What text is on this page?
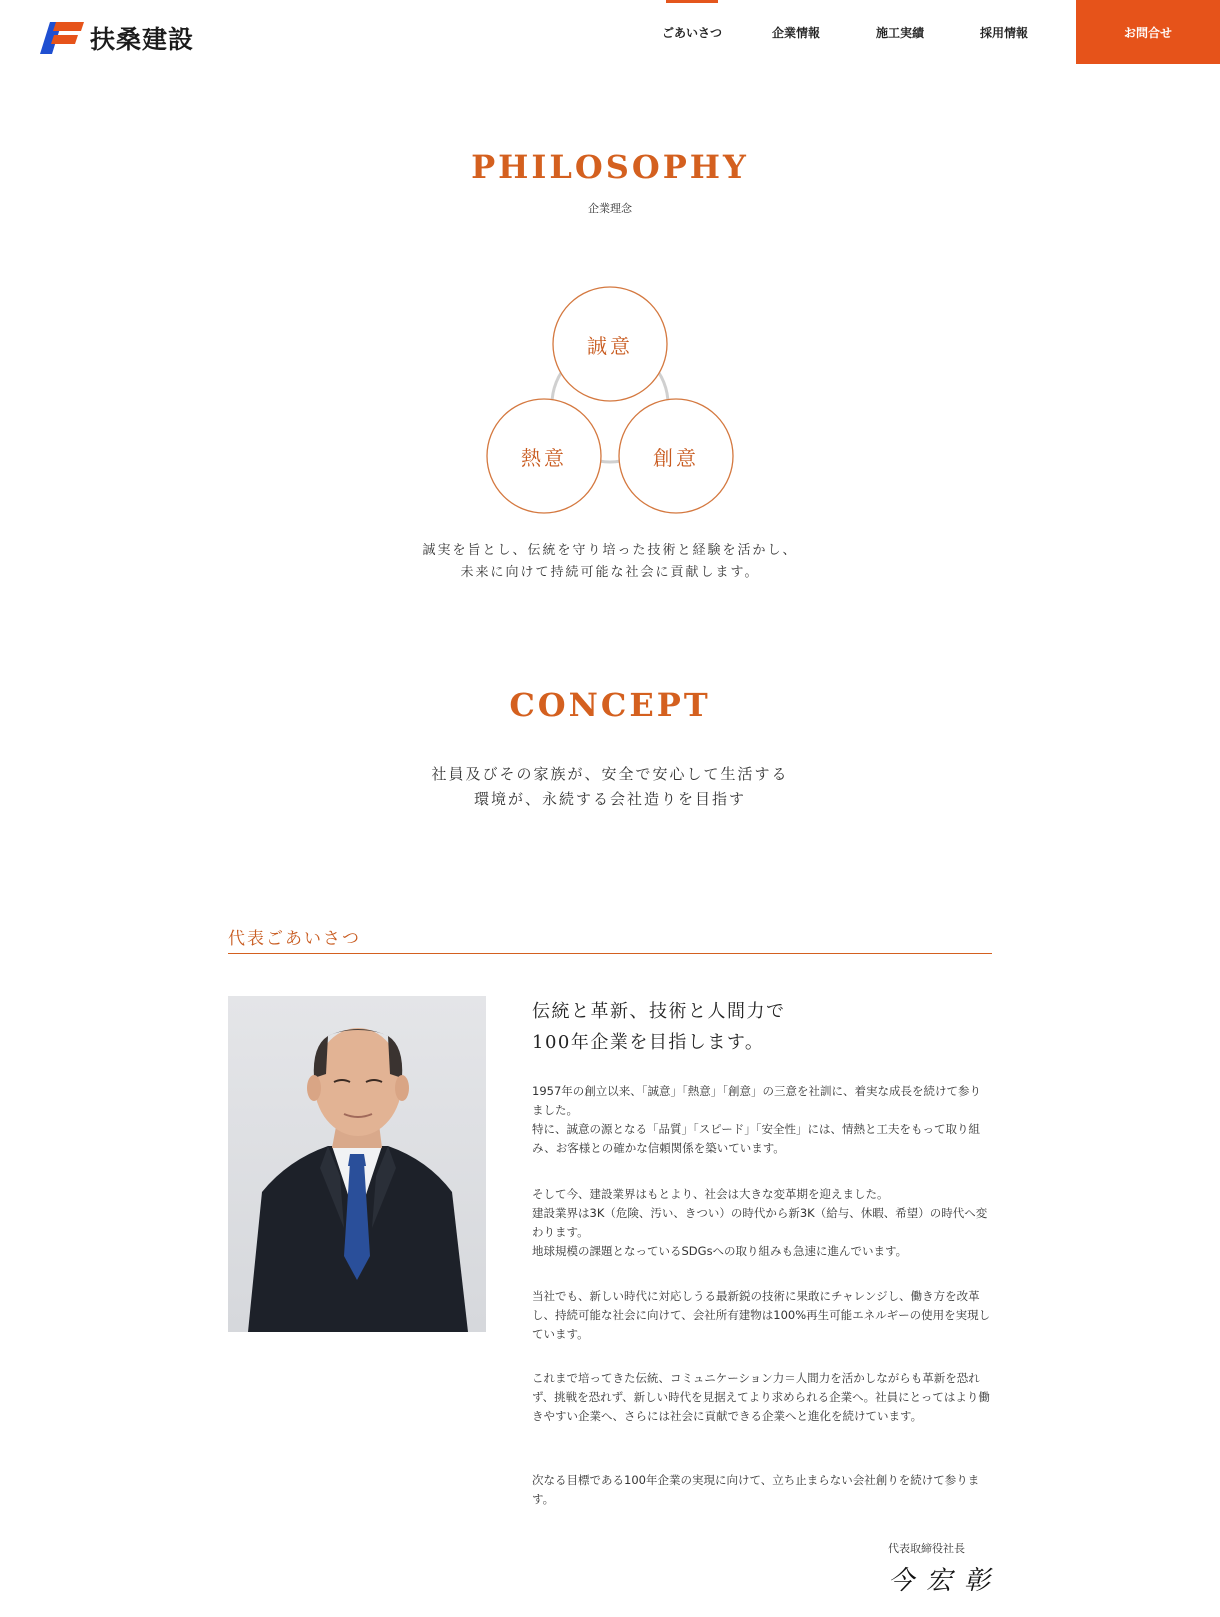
扶桑建設	ごあいさつ	企業情報	施工実績	採用情報	お問合せ
PHILOSOPHY
企業理念
誠意
熱意	創意
誠実を旨とし、伝統を守り培った技術と経験を活かし、
未来に向けて持続可能な社会に貢献します。
CONCEPT
社員及びその家族が、安全で安心して生活する
環境が、永続する会社造りを目指す
代表ごあいさつ
伝統と革新、技術と人間力で
100年企業を目指します。

1957年の創立以来、「誠意」「熱意」「創意」の三意を社訓に、着実な成長を続けて参りました。
特に、誠意の源となる「品質」「スピード」「安全性」には、情熱と工夫をもって取り組み、お客様との確かな信頼関係を築いています。

そして今、建設業界はもとより、社会は大きな変革期を迎えました。
建設業界は3K（危険、汚い、きつい）の時代から新3K（給与、休暇、希望）の時代へ変わります。
地球規模の課題となっているSDGsへの取り組みも急速に進んでいます。

当社でも、新しい時代に対応しうる最新鋭の技術に果敢にチャレンジし、働き方を改革し、持続可能な社会に向けて、会社所有建物は100%再生可能エネルギーの使用を実現しています。

これまで培ってきた伝統、コミュニケーション力＝人間力を活かしながらも革新を恐れず、挑戦を恐れず、新しい時代を見据えてより求められる企業へ。社員にとってはより働きやすい企業へ、さらには社会に貢献できる企業へと進化を続けています。

次なる目標である100年企業の実現に向けて、立ち止まらない会社創りを続けて参ります。

代表取締役社長
今宏彰
